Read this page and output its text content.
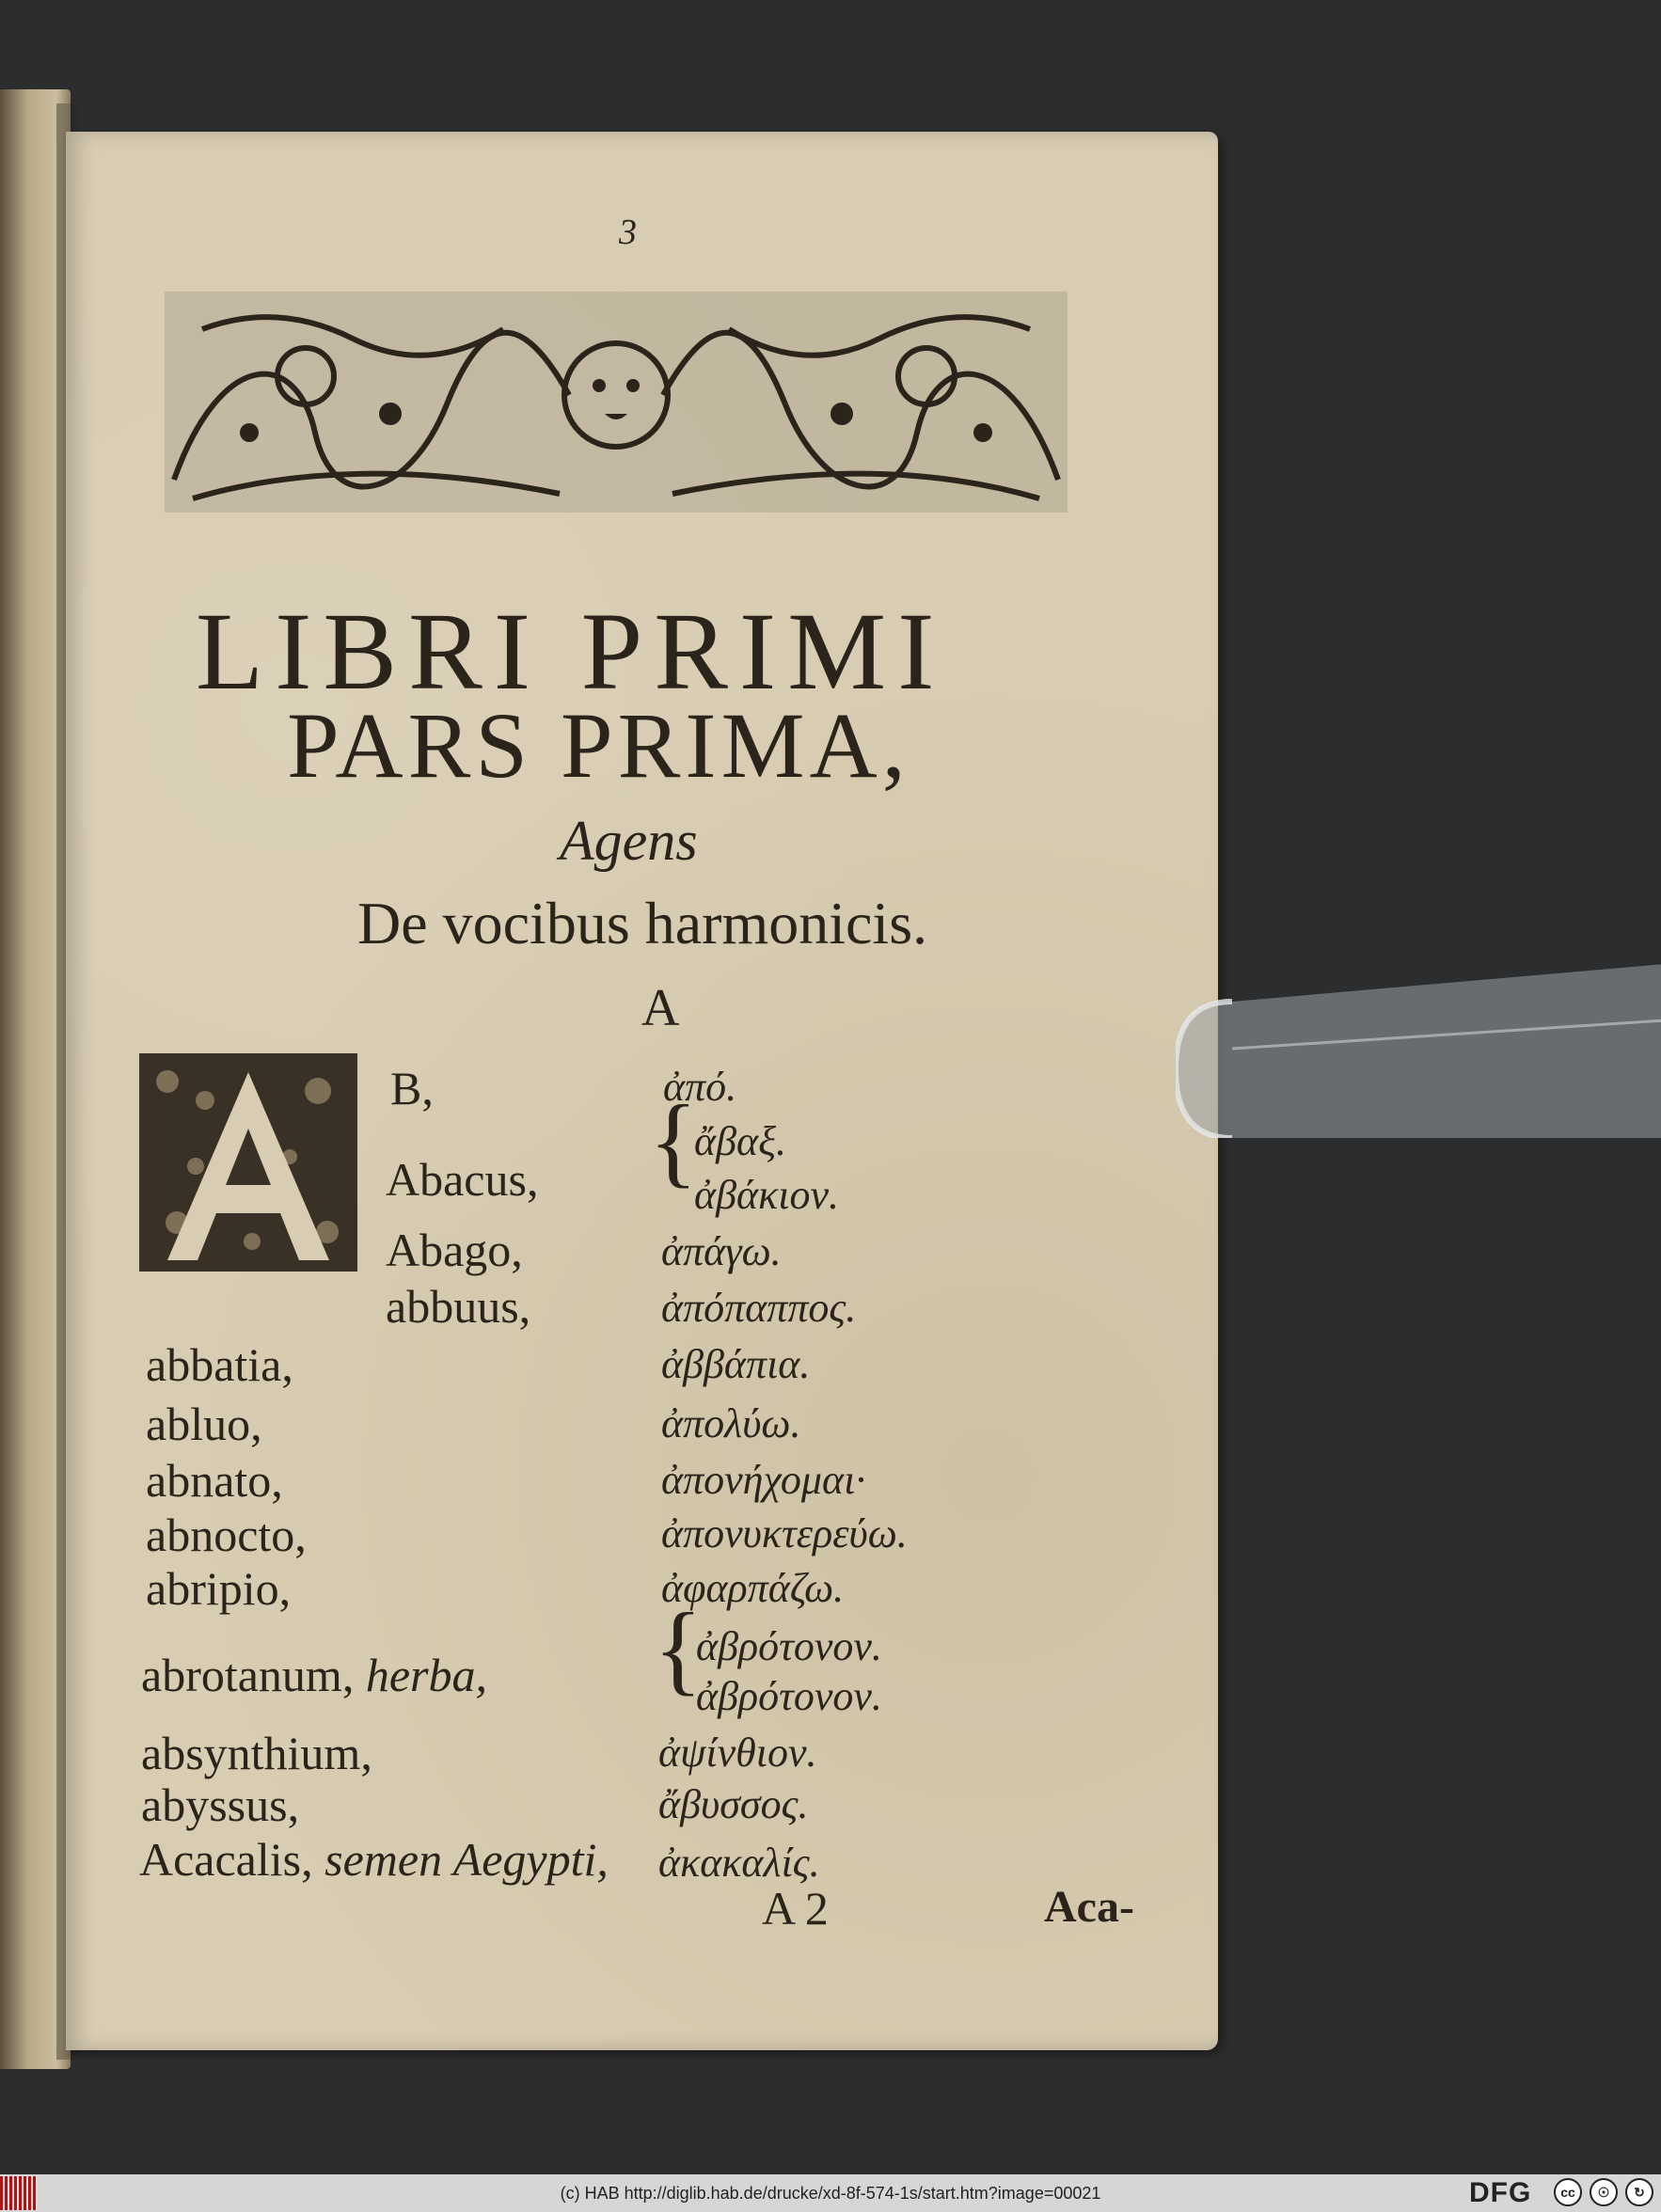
3
LIBRI PRIMI
PARS PRIMA,
Agens
De vocibus harmonicis.
A
B,	ἀπό.
Abacus, {
ἄβαξ.
ἀβάκιον.
Abago,	ἀπάγω.
abbuus,	ἀπόπαππος.
abbatia,	ἀββάπια.
abluo,	ἀπολύω.
abnato,	ἀπονήχομαι·
abnocto,	ἀπονυκτερεύω.
abripio,	ἀφαρπάζω.
abrotanum, herba, {
ἀβρότονον.
ἀβρότονον.
absynthium,	ἀψίνθιον.
abyssus,	ἄβυσσος.
Acacalis, semen Aegypti, ἀκακαλίς.
A 2	Aca-
(c) HAB http://diglib.hab.de/drucke/xd-8f-574-1s/start.htm?image=00021	DFG	cc	☉	↻
